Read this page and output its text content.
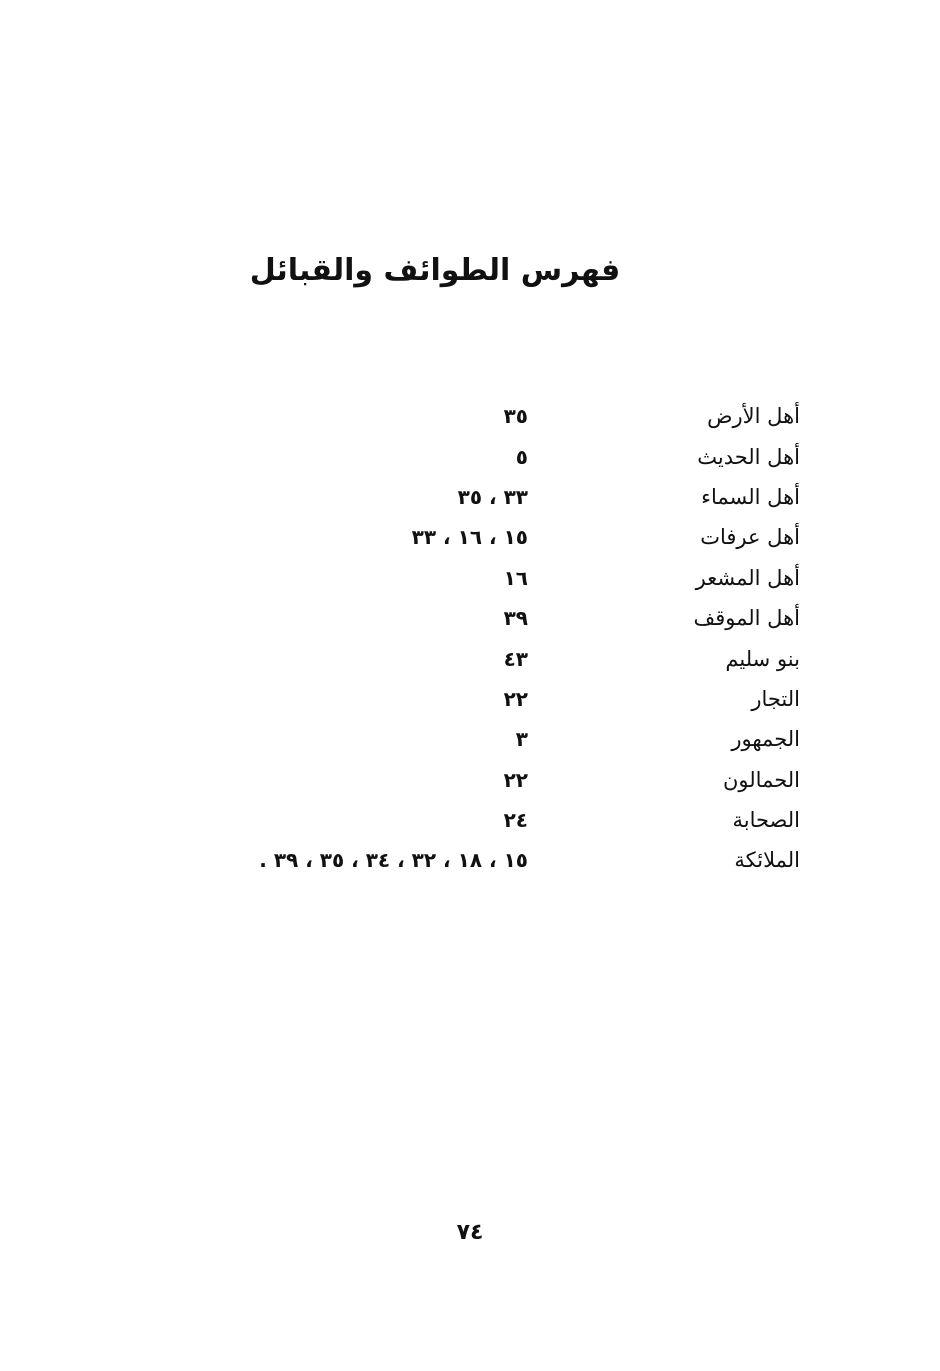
فهرس الطوائف والقبائل
أهل الأرض
٣٥
أهل الحديث
٥
أهل السماء
٣٣ ، ٣٥
أهل عرفات
١٥ ، ١٦ ، ٣٣
أهل المشعر
١٦
أهل الموقف
٣٩
بنو سليم
٤٣
التجار
٢٢
الجمهور
٣
الحمالون
٢٢
الصحابة
٢٤
الملائكة
١٥ ، ١٨ ، ٣٢ ، ٣٤ ، ٣٥ ، ٣٩ .
٧٤
